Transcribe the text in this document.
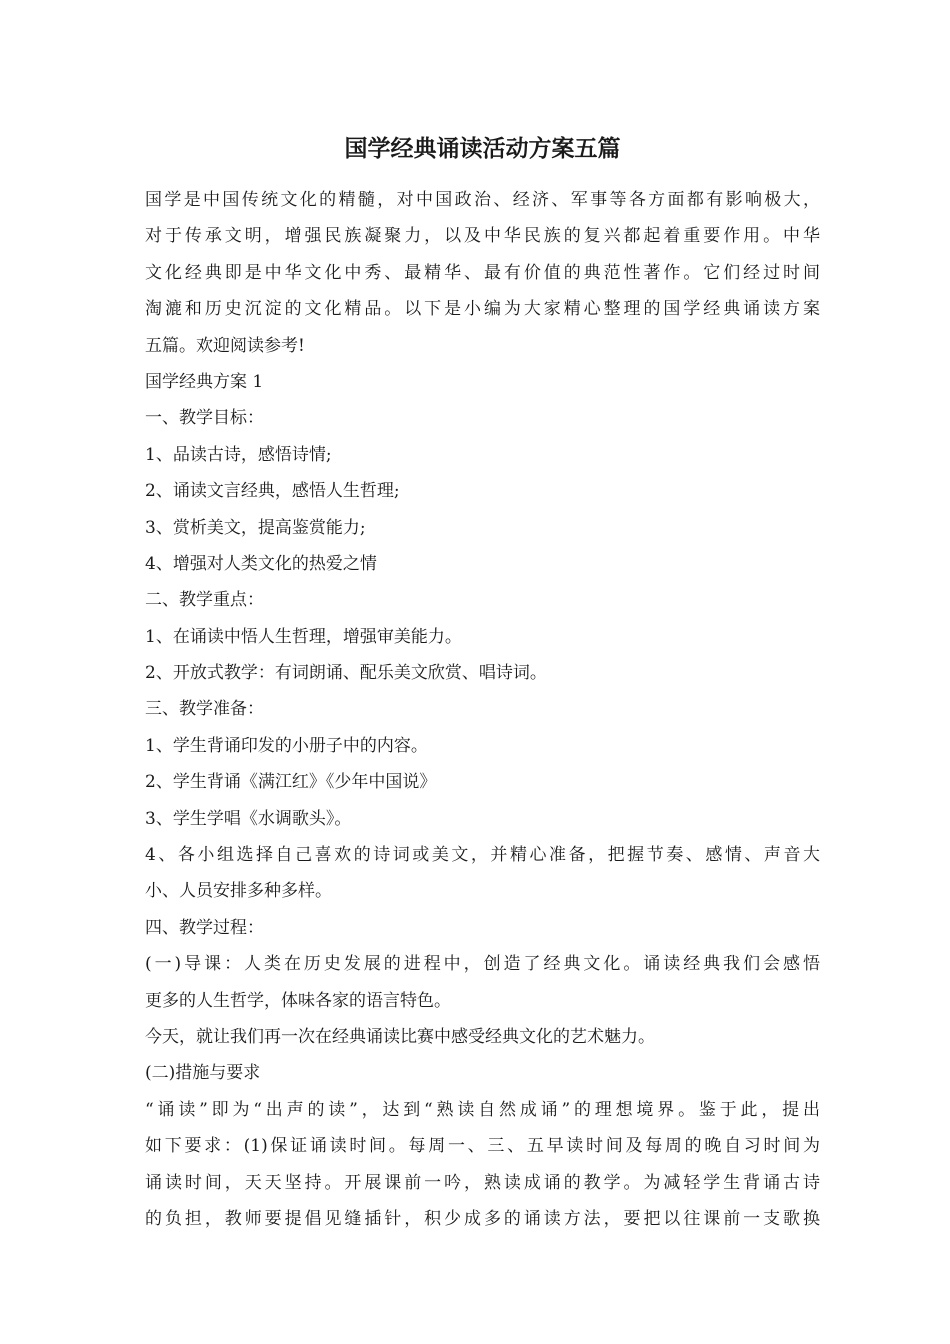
国学经典诵读活动方案五篇
国学是中国传统文化的精髓，对中国政治、经济、军事等各方面都有影响极大，
对于传承文明，增强民族凝聚力，以及中华民族的复兴都起着重要作用。中华
文化经典即是中华文化中秀、最精华、最有价值的典范性著作。它们经过时间
淘漉和历史沉淀的文化精品。以下是小编为大家精心整理的国学经典诵读方案
五篇。欢迎阅读参考!
国学经典方案 1
一、教学目标：
1、品读古诗，感悟诗情;
2、诵读文言经典，感悟人生哲理;
3、赏析美文，提高鉴赏能力;
4、增强对人类文化的热爱之情
二、教学重点：
1、在诵读中悟人生哲理，增强审美能力。
2、开放式教学：有词朗诵、配乐美文欣赏、唱诗词。
三、教学准备：
1、学生背诵印发的小册子中的内容。
2、学生背诵《满江红》《少年中国说》
3、学生学唱《水调歌头》。
4、各小组选择自己喜欢的诗词或美文，并精心准备，把握节奏、感情、声音大
小、人员安排多种多样。
四、教学过程：
(一)导课：人类在历史发展的进程中，创造了经典文化。诵读经典我们会感悟
更多的人生哲学，体味各家的语言特色。
今天，就让我们再一次在经典诵读比赛中感受经典文化的艺术魅力。
(二)措施与要求
“诵读”即为“出声的读”，达到“熟读自然成诵”的理想境界。鉴于此，提出
如下要求：(1)保证诵读时间。每周一、三、五早读时间及每周的晚自习时间为
诵读时间，天天坚持。开展课前一吟，熟读成诵的教学。为减轻学生背诵古诗
的负担，教师要提倡见缝插针，积少成多的诵读方法，要把以往课前一支歌换
